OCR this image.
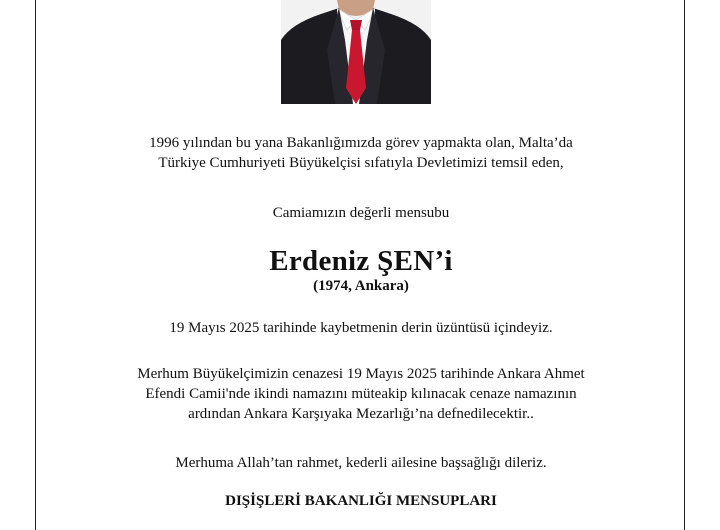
1996 yılından bu yana Bakanlığımızda görev yapmakta olan, Malta’da
Türkiye Cumhuriyeti Büyükelçisi sıfatıyla Devletimizi temsil eden,
Camiamızın değerli mensubu
Erdeniz ŞEN’i
(1974, Ankara)
19 Mayıs 2025 tarihinde kaybetmenin derin üzüntüsü içindeyiz.
Merhum Büyükelçimizin cenazesi 19 Mayıs 2025 tarihinde Ankara Ahmet
Efendi Camii'nde ikindi namazını müteakip kılınacak cenaze namazının
ardından Ankara Karşıyaka Mezarlığı’na defnedilecektir..
Merhuma Allah’tan rahmet, kederli ailesine başsağlığı dileriz.
DIŞİŞLERİ BAKANLIĞI MENSUPLARI
